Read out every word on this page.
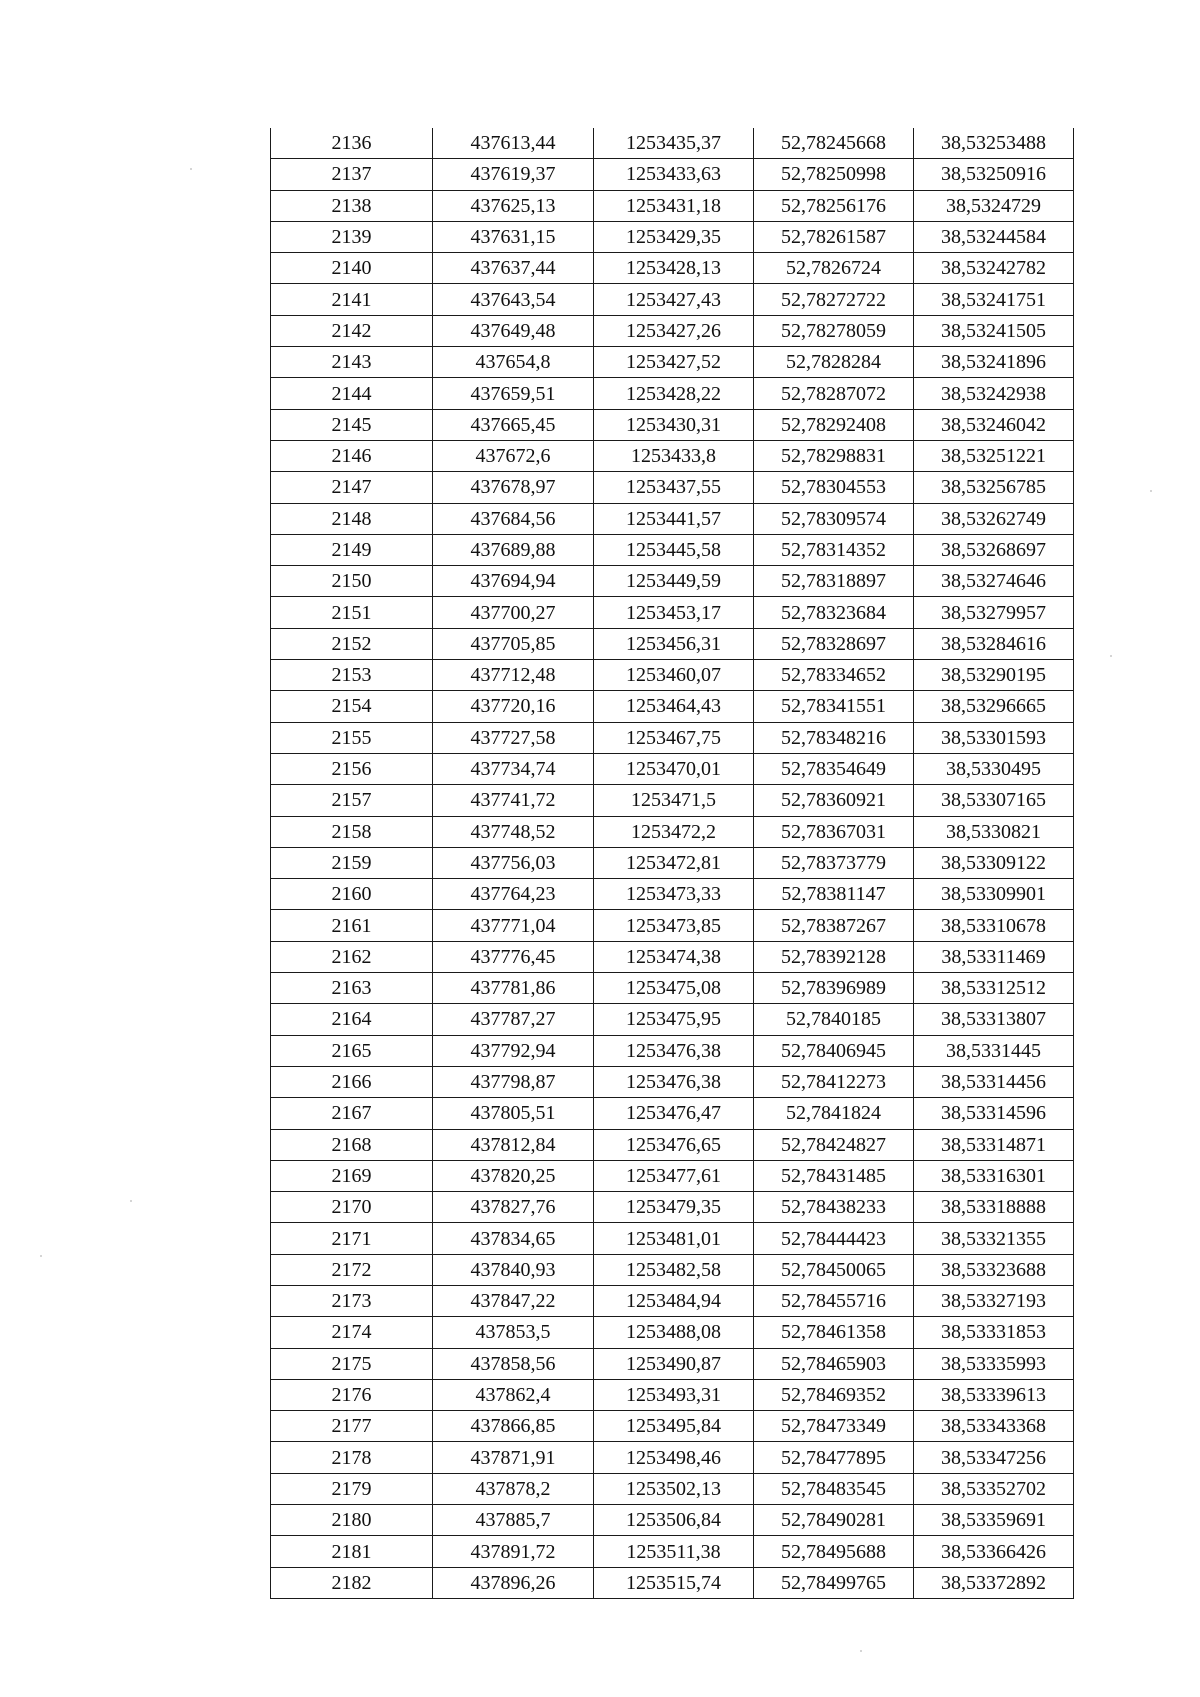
2136	437613,44	1253435,37	52,78245668	38,53253488
2137	437619,37	1253433,63	52,78250998	38,53250916
2138	437625,13	1253431,18	52,78256176	38,5324729
2139	437631,15	1253429,35	52,78261587	38,53244584
2140	437637,44	1253428,13	52,7826724	38,53242782
2141	437643,54	1253427,43	52,78272722	38,53241751
2142	437649,48	1253427,26	52,78278059	38,53241505
2143	437654,8	1253427,52	52,7828284	38,53241896
2144	437659,51	1253428,22	52,78287072	38,53242938
2145	437665,45	1253430,31	52,78292408	38,53246042
2146	437672,6	1253433,8	52,78298831	38,53251221
2147	437678,97	1253437,55	52,78304553	38,53256785
2148	437684,56	1253441,57	52,78309574	38,53262749
2149	437689,88	1253445,58	52,78314352	38,53268697
2150	437694,94	1253449,59	52,78318897	38,53274646
2151	437700,27	1253453,17	52,78323684	38,53279957
2152	437705,85	1253456,31	52,78328697	38,53284616
2153	437712,48	1253460,07	52,78334652	38,53290195
2154	437720,16	1253464,43	52,78341551	38,53296665
2155	437727,58	1253467,75	52,78348216	38,53301593
2156	437734,74	1253470,01	52,78354649	38,5330495
2157	437741,72	1253471,5	52,78360921	38,53307165
2158	437748,52	1253472,2	52,78367031	38,5330821
2159	437756,03	1253472,81	52,78373779	38,53309122
2160	437764,23	1253473,33	52,78381147	38,53309901
2161	437771,04	1253473,85	52,78387267	38,53310678
2162	437776,45	1253474,38	52,78392128	38,53311469
2163	437781,86	1253475,08	52,78396989	38,53312512
2164	437787,27	1253475,95	52,7840185	38,53313807
2165	437792,94	1253476,38	52,78406945	38,5331445
2166	437798,87	1253476,38	52,78412273	38,53314456
2167	437805,51	1253476,47	52,7841824	38,53314596
2168	437812,84	1253476,65	52,78424827	38,53314871
2169	437820,25	1253477,61	52,78431485	38,53316301
2170	437827,76	1253479,35	52,78438233	38,53318888
2171	437834,65	1253481,01	52,78444423	38,53321355
2172	437840,93	1253482,58	52,78450065	38,53323688
2173	437847,22	1253484,94	52,78455716	38,53327193
2174	437853,5	1253488,08	52,78461358	38,53331853
2175	437858,56	1253490,87	52,78465903	38,53335993
2176	437862,4	1253493,31	52,78469352	38,53339613
2177	437866,85	1253495,84	52,78473349	38,53343368
2178	437871,91	1253498,46	52,78477895	38,53347256
2179	437878,2	1253502,13	52,78483545	38,53352702
2180	437885,7	1253506,84	52,78490281	38,53359691
2181	437891,72	1253511,38	52,78495688	38,53366426
2182	437896,26	1253515,74	52,78499765	38,53372892
